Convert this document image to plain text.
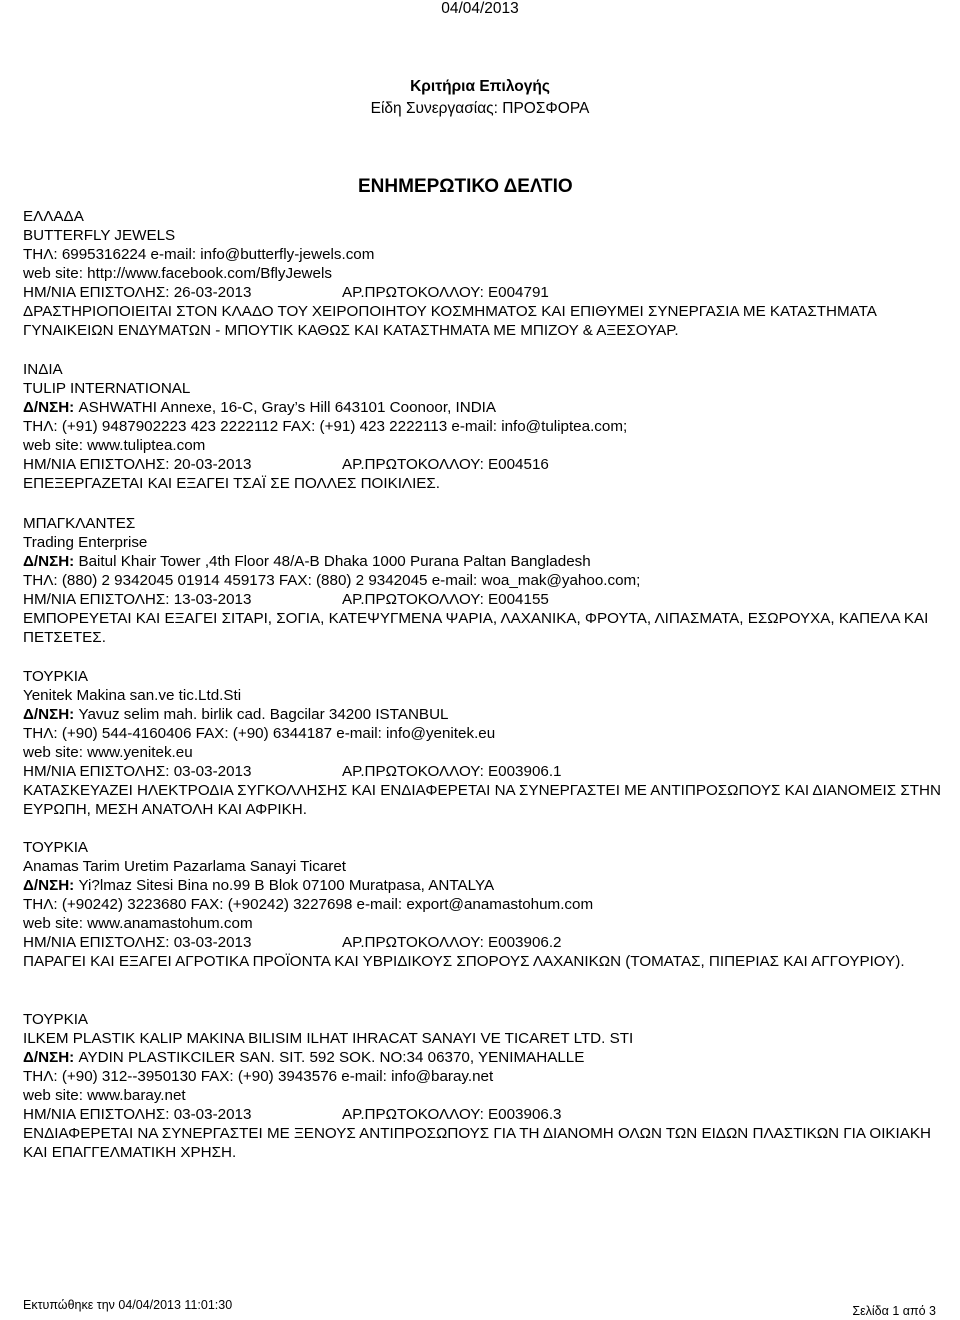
04/04/2013
Κριτήρια Επιλογής
Είδη Συνεργασίας: ΠΡΟΣΦΟΡΑ
ΕΝΗΜΕΡΩΤΙΚΟ ΔΕΛΤΙΟ
ΕΛΛΑΔΑ
BUTTERFLY JEWELS
ΤΗΛ: 6995316224 e-mail: info@butterfly-jewels.com
web site: http://www.facebook.com/BflyJewels
ΗΜ/ΝΙΑ ΕΠΙΣΤΟΛΗΣ: 26-03-2013	ΑΡ.ΠΡΩΤΟΚΟΛΛΟΥ: E004791
ΔΡΑΣΤΗΡΙΟΠΟΙΕΙΤΑΙ ΣΤΟΝ ΚΛΑΔΟ ΤΟΥ ΧΕΙΡΟΠΟΙΗΤΟΥ ΚΟΣΜΗΜΑΤΟΣ ΚΑΙ ΕΠΙΘΥΜΕΙ ΣΥΝΕΡΓΑΣΙΑ ΜΕ ΚΑΤΑΣΤΗΜΑΤΑ ΓΥΝΑΙΚΕΙΩΝ ΕΝΔΥΜΑΤΩΝ - ΜΠΟΥΤΙΚ ΚΑΘΩΣ ΚΑΙ ΚΑΤΑΣΤΗΜΑΤΑ ΜΕ ΜΠΙΖΟΥ & ΑΞΕΣΟΥΑΡ.
ΙΝΔΙΑ
TULIP INTERNATIONAL
Δ/ΝΣΗ: ASHWATHI Annexe, 16-C, Gray’s Hill 643101 Coonoor, INDIA
ΤΗΛ: (+91) 9487902223 423 2222112 FAX: (+91) 423 2222113 e-mail: info@tuliptea.com;
web site: www.tuliptea.com
ΗΜ/ΝΙΑ ΕΠΙΣΤΟΛΗΣ: 20-03-2013	ΑΡ.ΠΡΩΤΟΚΟΛΛΟΥ: E004516
ΕΠΕΞΕΡΓΑΖΕΤΑΙ ΚΑΙ ΕΞΑΓΕΙ ΤΣΑΪ ΣΕ ΠΟΛΛΕΣ ΠΟΙΚΙΛΙΕΣ.
ΜΠΑΓΚΛΑΝΤΕΣ
Trading Enterprise
Δ/ΝΣΗ: Baitul Khair Tower ,4th Floor 48/A-B Dhaka 1000 Purana Paltan Bangladesh
ΤΗΛ: (880) 2 9342045 01914 459173 FAX: (880) 2 9342045 e-mail: woa_mak@yahoo.com;
ΗΜ/ΝΙΑ ΕΠΙΣΤΟΛΗΣ: 13-03-2013	ΑΡ.ΠΡΩΤΟΚΟΛΛΟΥ: E004155
ΕΜΠΟΡΕΥΕΤΑΙ ΚΑΙ ΕΞΑΓΕΙ ΣΙΤΑΡΙ, ΣΟΓΙΑ, ΚΑΤΕΨΥΓΜΕΝΑ ΨΑΡΙΑ, ΛΑΧΑΝΙΚΑ, ΦΡΟΥΤΑ, ΛΙΠΑΣΜΑΤΑ, ΕΣΩΡΟΥΧΑ, ΚΑΠΕΛΑ ΚΑΙ ΠΕΤΣΕΤΕΣ.
ΤΟΥΡΚΙΑ
Yenitek Makina san.ve tic.Ltd.Sti
Δ/ΝΣΗ: Yavuz selim mah. birlik cad. Bagcilar 34200 ISTANBUL
ΤΗΛ: (+90) 544-4160406 FAX: (+90) 6344187 e-mail: info@yenitek.eu
web site: www.yenitek.eu
ΗΜ/ΝΙΑ ΕΠΙΣΤΟΛΗΣ: 03-03-2013	ΑΡ.ΠΡΩΤΟΚΟΛΛΟΥ: E003906.1
ΚΑΤΑΣΚΕΥΑΖΕΙ ΗΛΕΚΤΡΟΔΙΑ ΣΥΓΚΟΛΛΗΣΗΣ ΚΑΙ ΕΝΔΙΑΦΕΡΕΤΑΙ ΝΑ ΣΥΝΕΡΓΑΣΤΕΙ ΜΕ ΑΝΤΙΠΡΟΣΩΠΟΥΣ ΚΑΙ ΔΙΑΝΟΜΕΙΣ ΣΤΗΝ ΕΥΡΩΠΗ, ΜΕΣΗ ΑΝΑΤΟΛΗ ΚΑΙ ΑΦΡΙΚΗ.
ΤΟΥΡΚΙΑ
Anamas Tarim Uretim Pazarlama Sanayi Ticaret
Δ/ΝΣΗ: Yi?lmaz Sitesi Bina no.99 B Blok 07100 Muratpasa, ANTALYA
ΤΗΛ: (+90242) 3223680 FAX: (+90242) 3227698 e-mail: export@anamastohum.com
web site: www.anamastohum.com
ΗΜ/ΝΙΑ ΕΠΙΣΤΟΛΗΣ: 03-03-2013	ΑΡ.ΠΡΩΤΟΚΟΛΛΟΥ: E003906.2
ΠΑΡΑΓΕΙ ΚΑΙ ΕΞΑΓΕΙ ΑΓΡΟΤΙΚΑ ΠΡΟΪΟΝΤΑ ΚΑΙ ΥΒΡΙΔΙΚΟΥΣ ΣΠΟΡΟΥΣ ΛΑΧΑΝΙΚΩΝ (ΤΟΜΑΤΑΣ, ΠΙΠΕΡΙΑΣ ΚΑΙ ΑΓΓΟΥΡΙΟΥ).
ΤΟΥΡΚΙΑ
ILKEM PLASTIK KALIP MAKINA BILISIM ILHAT IHRACAT SANAYI VE TICARET LTD. STI
Δ/ΝΣΗ: AYDIN PLASTIKCILER SAN. SIT. 592 SOK. NO:34 06370, YENIMAHALLE
ΤΗΛ: (+90) 312--3950130 FAX: (+90) 3943576 e-mail: info@baray.net
web site: www.baray.net
ΗΜ/ΝΙΑ ΕΠΙΣΤΟΛΗΣ: 03-03-2013	ΑΡ.ΠΡΩΤΟΚΟΛΛΟΥ: E003906.3
ΕΝΔΙΑΦΕΡΕΤΑΙ ΝΑ ΣΥΝΕΡΓΑΣΤΕΙ ΜΕ ΞΕΝΟΥΣ ΑΝΤΙΠΡΟΣΩΠΟΥΣ ΓΙΑ ΤΗ ΔΙΑΝΟΜΗ ΟΛΩΝ ΤΩΝ ΕΙΔΩΝ ΠΛΑΣΤΙΚΩΝ ΓΙΑ ΟΙΚΙΑΚΗ ΚΑΙ ΕΠΑΓΓΕΛΜΑΤΙΚΗ ΧΡΗΣΗ.
Εκτυπώθηκε την 04/04/2013 11:01:30	Σελίδα 1 από 3
